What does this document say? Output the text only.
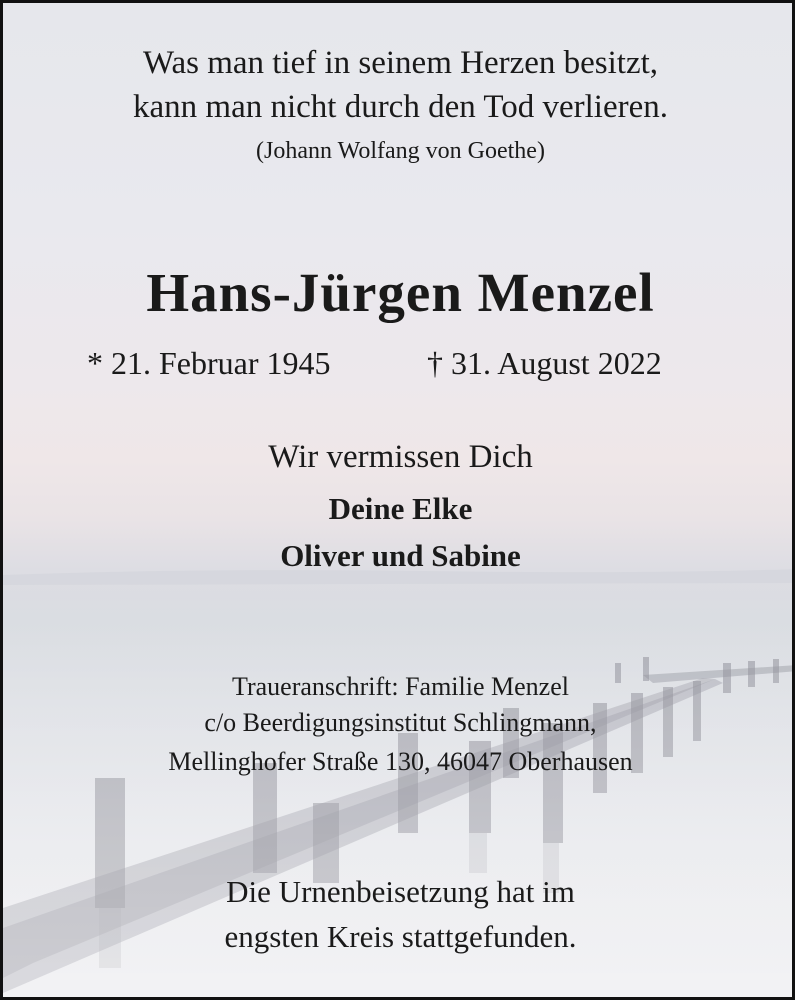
Was man tief in seinem Herzen besitzt,

kann man nicht durch den Tod verlieren.

(Johann Wolfang von Goethe)

Hans-Jürgen Menzel
* 21. Februar 1945	† 31. August 2022

Wir vermissen Dich

Deine Elke

Oliver und Sabine

Traueranschrift: Familie Menzel

c/o Beerdigungsinstitut Schlingmann,

Mellinghofer Straße 130, 46047 Oberhausen

Die Urnenbeisetzung hat im

engsten Kreis stattgefunden.
